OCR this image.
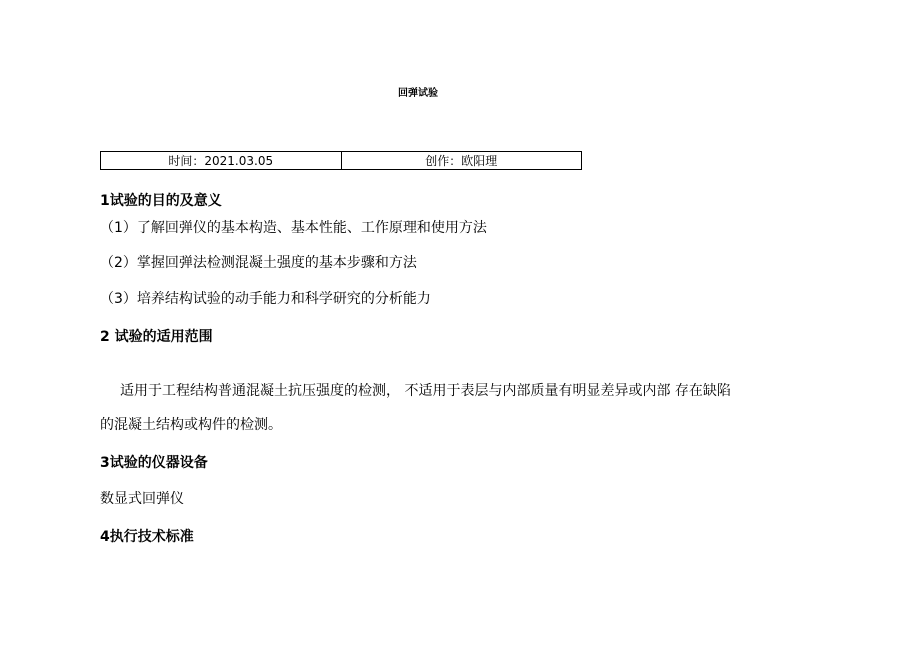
回弹试验
时间：2021.03.05	创作：欧阳理
1试验的目的及意义
（1）了解回弹仪的基本构造、基本性能、工作原理和使用方法
（2）掌握回弹法检测混凝土强度的基本步骤和方法
（3）培养结构试验的动手能力和科学研究的分析能力
2 试验的适用范围
适用于工程结构普通混凝土抗压强度的检测， 不适用于表层与内部质量有明显差异或内部 存在缺陷
的混凝土结构或构件的检测。
3试验的仪器设备
数显式回弹仪
4执行技术标准
